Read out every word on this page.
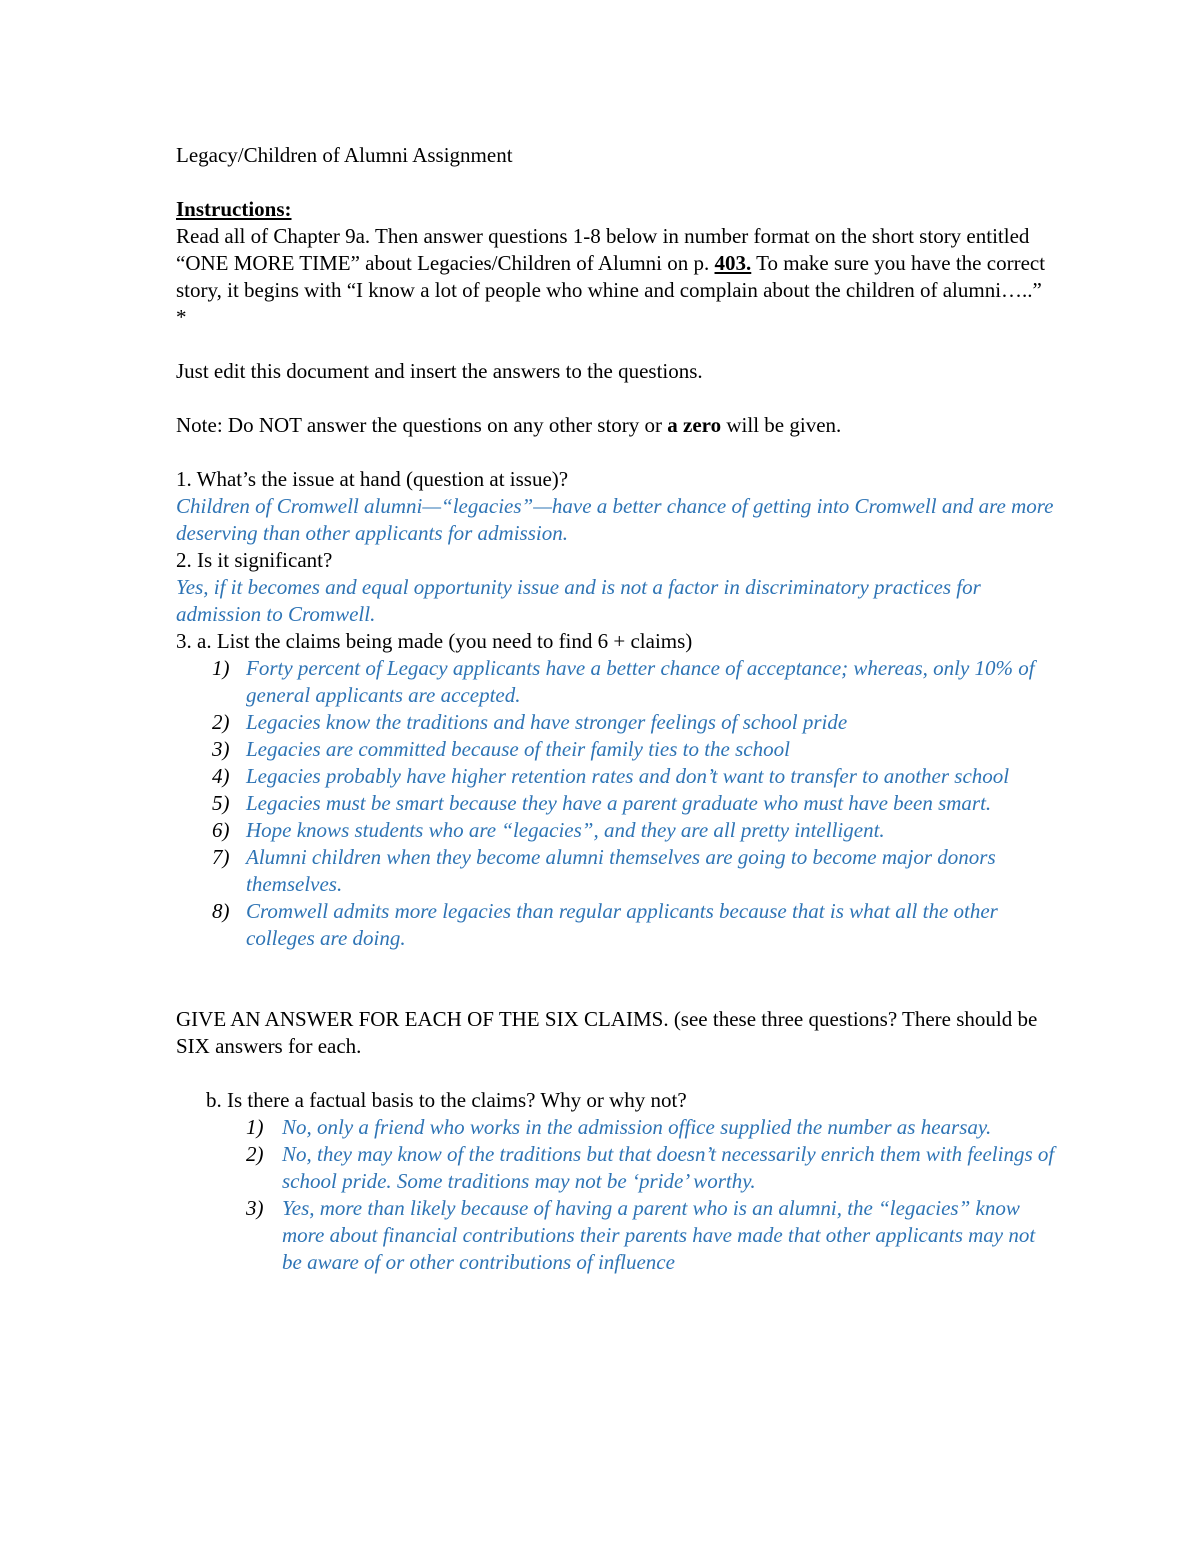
Legacy/Children of Alumni Assignment

Instructions:

Read all of Chapter 9a. Then answer questions 1-8 below in number format on the short story entitled “ONE MORE TIME” about Legacies/Children of Alumni on p. 403. To make sure you have the correct story, it begins with “I know a lot of people who whine and complain about the children of alumni…..” *

Just edit this document and insert the answers to the questions.

Note: Do NOT answer the questions on any other story or a zero will be given.

1. What’s the issue at hand (question at issue)?

Children of Cromwell alumni—“legacies”—have a better chance of getting into Cromwell and are more deserving than other applicants for admission.

2. Is it significant?

Yes, if it becomes and equal opportunity issue and is not a factor in discriminatory practices for admission to Cromwell.

3. a. List the claims being made (you need to find 6 + claims)

1) Forty percent of Legacy applicants have a better chance of acceptance; whereas, only 10% of general applicants are accepted.
2) Legacies know the traditions and have stronger feelings of school pride
3) Legacies are committed because of their family ties to the school
4) Legacies probably have higher retention rates and don’t want to transfer to another school
5) Legacies must be smart because they have a parent graduate who must have been smart.
6) Hope knows students who are “legacies”, and they are all pretty intelligent.
7) Alumni children when they become alumni themselves are going to become major donors themselves.
8) Cromwell admits more legacies than regular applicants because that is what all the other colleges are doing.

GIVE AN ANSWER FOR EACH OF THE SIX CLAIMS. (see these three questions? There should be SIX answers for each.

b. Is there a factual basis to the claims? Why or why not?

1) No, only a friend who works in the admission office supplied the number as hearsay.
2) No, they may know of the traditions but that doesn’t necessarily enrich them with feelings of school pride. Some traditions may not be ‘pride’ worthy.
3) Yes, more than likely because of having a parent who is an alumni, the “legacies” know more about financial contributions their parents have made that other applicants may not be aware of or other contributions of influence
